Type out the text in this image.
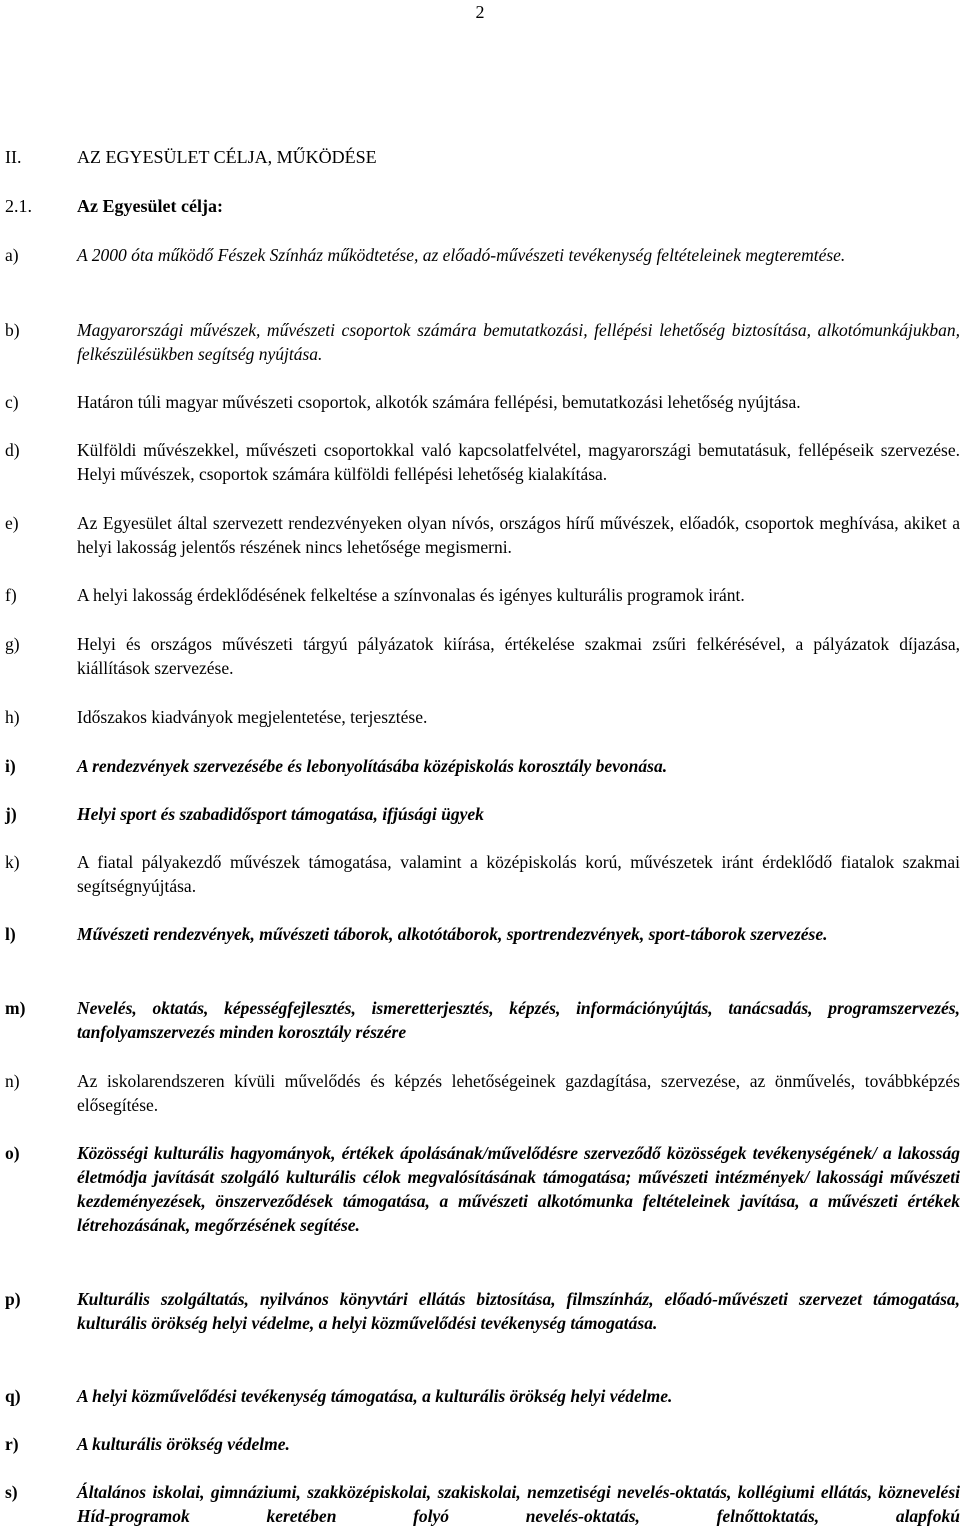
2
II.	AZ EGYESÜLET CÉLJA, MŰKÖDÉSE
2.1.	Az Egyesület célja:
a)	A 2000 óta működő Fészek Színház működtetése, az előadó-művészeti tevékenység feltételeinek megteremtése.
b)	Magyarországi művészek, művészeti csoportok számára bemutatkozási, fellépési lehetőség biztosítása, alkotómunkájukban, felkészülésükben segítség nyújtása.
c)	Határon túli magyar művészeti csoportok, alkotók számára fellépési, bemutatkozási lehetőség nyújtása.
d)	Külföldi művészekkel, művészeti csoportokkal való kapcsolatfelvétel, magyarországi bemutatásuk, fellépéseik szervezése. Helyi művészek, csoportok számára külföldi fellépési lehetőség kialakítása.
e)	Az Egyesület által szervezett rendezvényeken olyan nívós, országos hírű művészek, előadók, csoportok meghívása, akiket a helyi lakosság jelentős részének nincs lehetősége megismerni.
f)	A helyi lakosság érdeklődésének felkeltése a színvonalas és igényes kulturális programok iránt.
g)	Helyi és országos művészeti tárgyú pályázatok kiírása, értékelése szakmai zsűri felkérésével, a pályázatok díjazása, kiállítások szervezése.
h)	Időszakos kiadványok megjelentetése, terjesztése.
i)	A rendezvények szervezésébe és lebonyolításába középiskolás korosztály bevonása.
j)	Helyi sport és szabadidősport támogatása, ifjúsági ügyek
k)	A fiatal pályakezdő művészek támogatása, valamint a középiskolás korú, művészetek iránt érdeklődő fiatalok szakmai segítségnyújtása.
l)	Művészeti rendezvények, művészeti táborok, alkotótáborok, sportrendezvények, sport-táborok szervezése.
m)	Nevelés, oktatás, képességfejlesztés, ismeretterjesztés, képzés, információnyújtás, tanácsadás, programszervezés, tanfolyamszervezés minden korosztály részére
n)	Az iskolarendszeren kívüli művelődés és képzés lehetőségeinek gazdagítása, szervezése, az önművelés, továbbképzés elősegítése.
o)	Közösségi kulturális hagyományok, értékek ápolásának/művelődésre szerveződő közösségek tevékenységének/ a lakosság életmódja javítását szolgáló kulturális célok megvalósításának támogatása; művészeti intézmények/ lakossági művészeti kezdeményezések, önszerveződések támogatása, a művészeti alkotómunka feltételeinek javítása, a művészeti értékek létrehozásának, megőrzésének segítése.
p)	Kulturális szolgáltatás, nyilvános könyvtári ellátás biztosítása, filmszínház, előadó-művészeti szervezet támogatása, kulturális örökség helyi védelme, a helyi közművelődési tevékenység támogatása.
q)	A helyi közművelődési tevékenység támogatása, a kulturális örökség helyi védelme.
r)	A kulturális örökség védelme.
s)	Általános iskolai, gimnáziumi, szakközépiskolai, szakiskolai, nemzetiségi nevelés-oktatás, kollégiumi ellátás, köznevelési Híd-programok keretében folyó nevelés-oktatás, felnőttoktatás, alapfokú
